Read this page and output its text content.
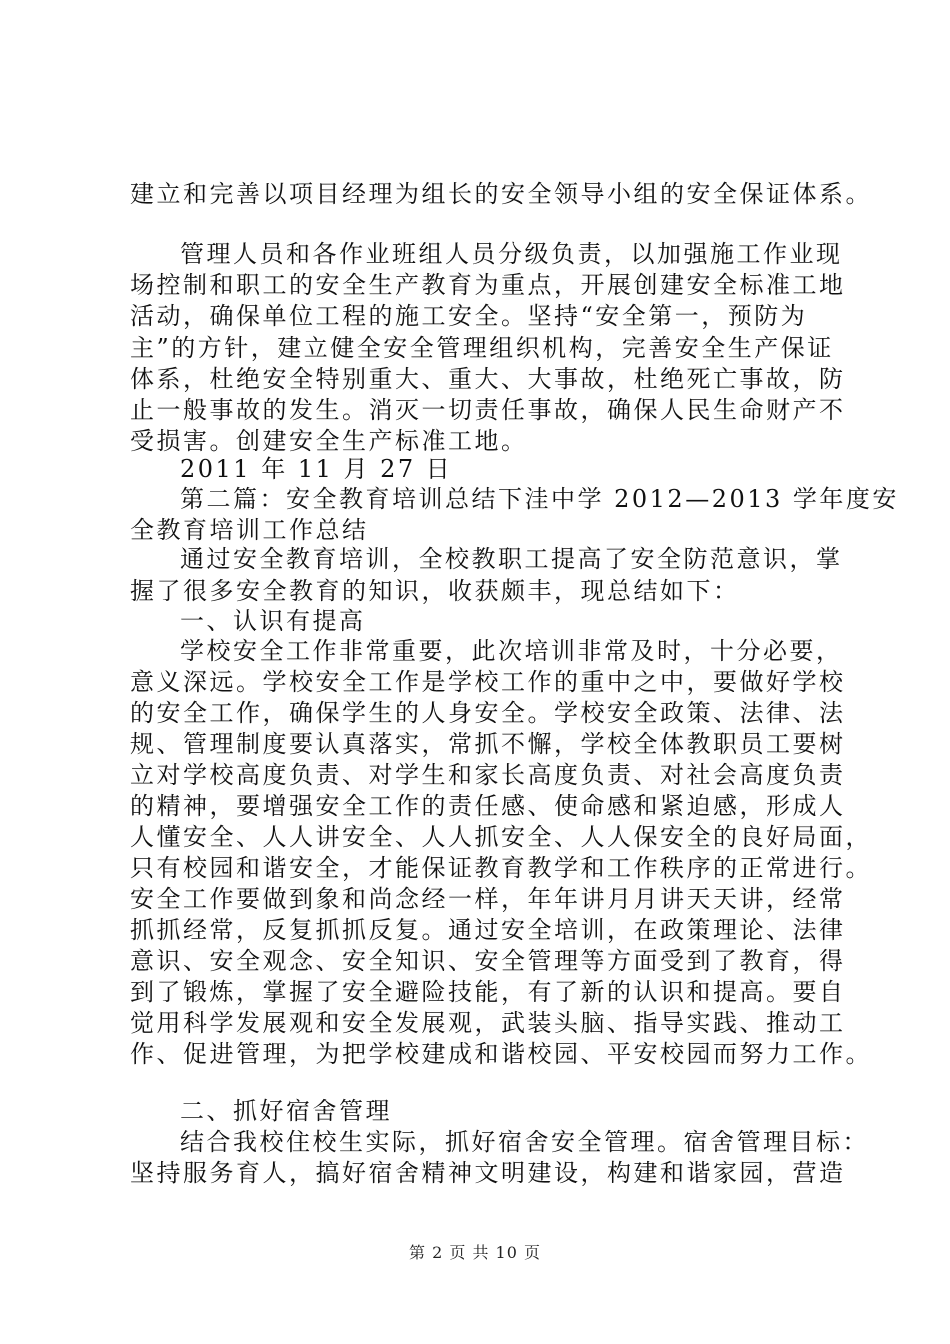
建立和完善以项目经理为组长的安全领导小组的安全保证体系。
管理人员和各作业班组人员分级负责，以加强施工作业现
场控制和职工的安全生产教育为重点，开展创建安全标准工地
活动，确保单位工程的施工安全。坚持“安全第一，预防为
主”的方针，建立健全安全管理组织机构，完善安全生产保证
体系，杜绝安全特别重大、重大、大事故，杜绝死亡事故，防
止一般事故的发生。消灭一切责任事故，确保人民生命财产不
受损害。创建安全生产标准工地。
2011 年 11 月 27 日
第二篇：安全教育培训总结下洼中学 2012—2013 学年度安
全教育培训工作总结
通过安全教育培训，全校教职工提高了安全防范意识，掌
握了很多安全教育的知识，收获颇丰，现总结如下：
一、认识有提高
学校安全工作非常重要，此次培训非常及时，十分必要，
意义深远。学校安全工作是学校工作的重中之中，要做好学校
的安全工作，确保学生的人身安全。学校安全政策、法律、法
规、管理制度要认真落实，常抓不懈，学校全体教职员工要树
立对学校高度负责、对学生和家长高度负责、对社会高度负责
的精神，要增强安全工作的责任感、使命感和紧迫感，形成人
人懂安全、人人讲安全、人人抓安全、人人保安全的良好局面，
只有校园和谐安全，才能保证教育教学和工作秩序的正常进行。
安全工作要做到象和尚念经一样，年年讲月月讲天天讲，经常
抓抓经常，反复抓抓反复。通过安全培训，在政策理论、法律
意识、安全观念、安全知识、安全管理等方面受到了教育，得
到了锻炼，掌握了安全避险技能，有了新的认识和提高。要自
觉用科学发展观和安全发展观，武装头脑、指导实践、推动工
作、促进管理，为把学校建成和谐校园、平安校园而努力工作。
二、抓好宿舍管理
结合我校住校生实际，抓好宿舍安全管理。宿舍管理目标：
坚持服务育人，搞好宿舍精神文明建设，构建和谐家园，营造
第 2 页 共 10 页
